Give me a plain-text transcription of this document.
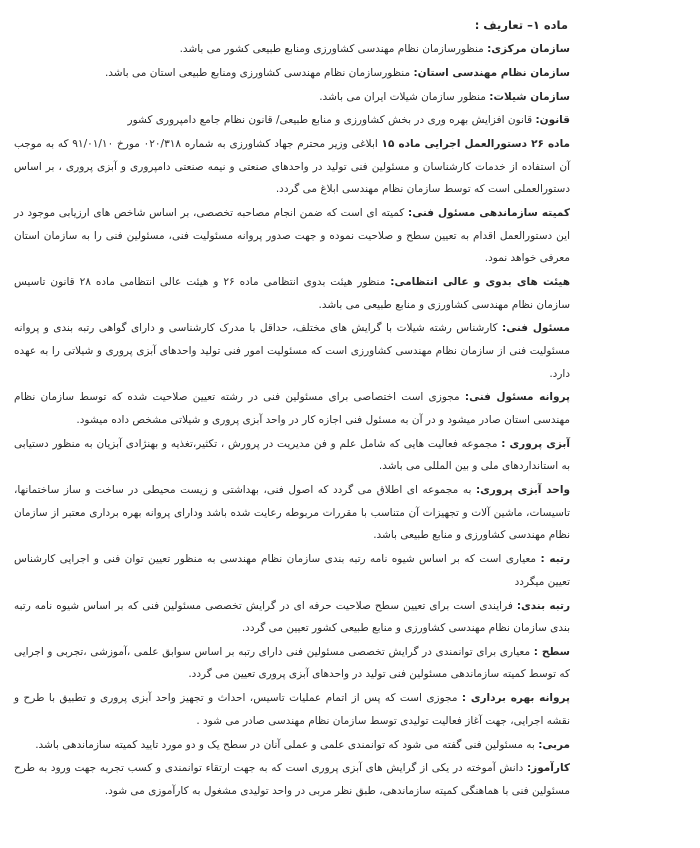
ماده ۱– تعاریف :

سازمان مرکزی: منظورسازمان نظام مهندسی کشاورزی ومنابع طبیعی کشور می باشد.

سازمان نظام مهندسی استان: منظورسازمان نظام مهندسی کشاورزی ومنابع طبیعی استان می باشد.

سازمان شیلات: منظور سازمان شیلات ایران می باشد.

قانون: قانون افزایش بهره وری در بخش کشاورزی و منابع طبیعی/ قانون نظام جامع دامپروری کشور

ماده ۲۶ دستورالعمل اجرایی ماده ۱۵ ابلاغی وزیر محترم جهاد کشاورزی به شماره ۰۲۰/۳۱۸ مورخ ۹۱/۰۱/۱۰ که به موجب آن استفاده از خدمات کارشناسان و مسئولین فنی تولید در واحدهای صنعتی و نیمه صنعتی دامپروری و آبزی پروری ، بر اساس دستورالعملی است که توسط سازمان نظام مهندسی ابلاغ می گردد.

کمیته سازماندهی مسئول فنی: کمیته ای است که ضمن انجام مصاحبه تخصصی، بر اساس شاخص های ارزیابی موجود در این دستورالعمل اقدام به تعیین سطح و صلاحیت نموده و جهت صدور پروانه مسئولیت فنی، مسئولین فنی را به سازمان استان معرفی خواهد نمود.

هیئت های بدوی و عالی انتظامی: منظور هیئت بدوی انتظامی ماده ۲۶ و هیئت عالی انتظامی ماده ۲۸ قانون تاسیس سازمان نظام مهندسی کشاورزی و منابع طبیعی می باشد.

مسئول فنی: کارشناس رشته شیلات با گرایش های مختلف، حداقل با مدرک کارشناسی و دارای گواهی رتبه بندی و پروانه مسئولیت فنی از سازمان نظام مهندسی کشاورزی است که مسئولیت امور فنی تولید واحدهای آبزی پروری و شیلاتی را به عهده دارد.

پروانه مسئول فنی: مجوزی است اختصاصی برای مسئولین فنی در رشته تعیین صلاحیت شده که توسط سازمان نظام مهندسی استان صادر میشود و در آن به مسئول فنی اجازه کار در واحد آبزی پروری و شیلاتی مشخص داده میشود.

آبزی پروری : مجموعه فعالیت هایی که شامل علم و فن مدیریت در پرورش ، تکثیر،تغذیه و بهنژادی آبزیان به منظور دستیابی به استانداردهای ملی و بین المللی می باشد.

واحد آبزی پروری: به مجموعه ای اطلاق می گردد که اصول فنی، بهداشتی و زیست محیطی در ساخت و ساز ساختمانها، تاسیسات، ماشین آلات و تجهیزات آن متناسب با مقررات مربوطه رعایت شده باشد ودارای پروانه بهره برداری معتبر از سازمان نظام مهندسی کشاورزی و منابع طبیعی باشد.

رتبه : معیاری است که بر اساس شیوه نامه رتبه بندی سازمان نظام مهندسی به منظور تعیین توان فنی و اجرایی کارشناس تعیین میگردد

رتبه بندی: فرایندی است برای تعیین سطح صلاحیت حرفه ای در گرایش تخصصی مسئولین فنی که بر اساس شیوه نامه رتبه بندی سازمان نظام مهندسی کشاورزی و منابع طبیعی کشور تعیین می گردد.

سطح : معیاری برای توانمندی در گرایش تخصصی مسئولین فنی دارای رتبه بر اساس سوابق علمی ،آموزشی ،تجربی و اجرایی که توسط کمیته سازماندهی مسئولین فنی تولید در واحدهای آبزی پروری تعیین می گردد.

پروانه بهره برداری : مجوزی است که پس از اتمام عملیات تاسیس، احداث و تجهیز واحد آبزی پروری و تطبیق با طرح و نقشه اجرایی، جهت آغاز فعالیت تولیدی توسط سازمان نظام مهندسی صادر می شود .

مربی: به مسئولین فنی گفته می شود که توانمندی علمی و عملی آنان در سطح یک و دو مورد تایید کمیته سازماندهی باشد.

کارآموز: دانش آموخته در یکی از گرایش های آبزی پروری است که به جهت ارتقاء توانمندی و کسب تجربه جهت ورود به طرح مسئولین فنی با هماهنگی کمیته سازماندهی، طبق نظر مربی در واحد تولیدی مشغول به کارآموزی می شود.
